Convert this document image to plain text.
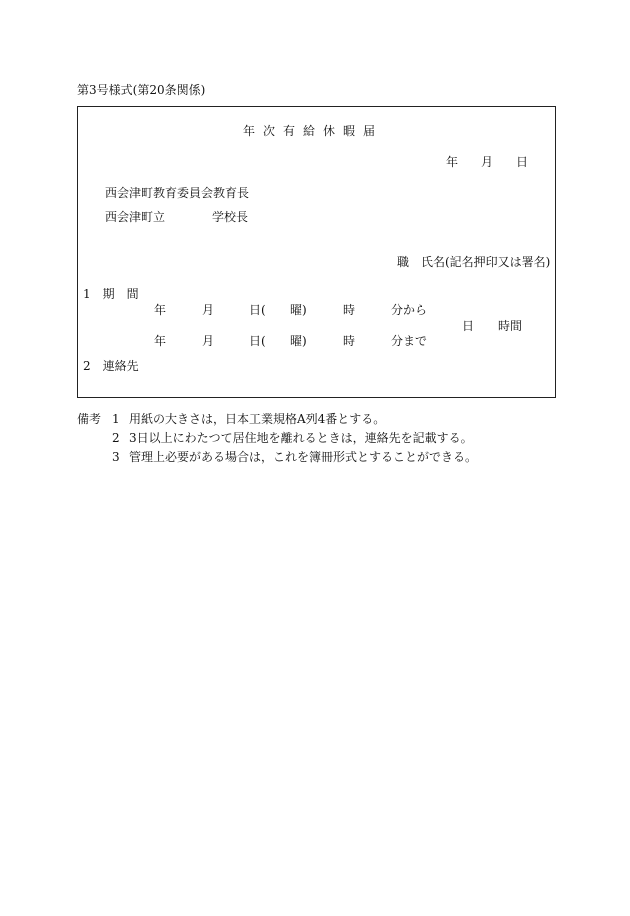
第3号様式(第20条関係)
年次有給休暇届
年 月 日
西会津町教育委員会教育長
西会津町立	学校長
職　氏名(記名押印又は署名)
1　期　間
年	月	日( 曜)	時	分から
日 時間
年	月	日( 曜)	時	分まで
2　連絡先
備考 1 用紙の大きさは，日本工業規格A列4番とする。
2 3日以上にわたつて居住地を離れるときは，連絡先を記載する。
3 管理上必要がある場合は，これを簿冊形式とすることができる。
